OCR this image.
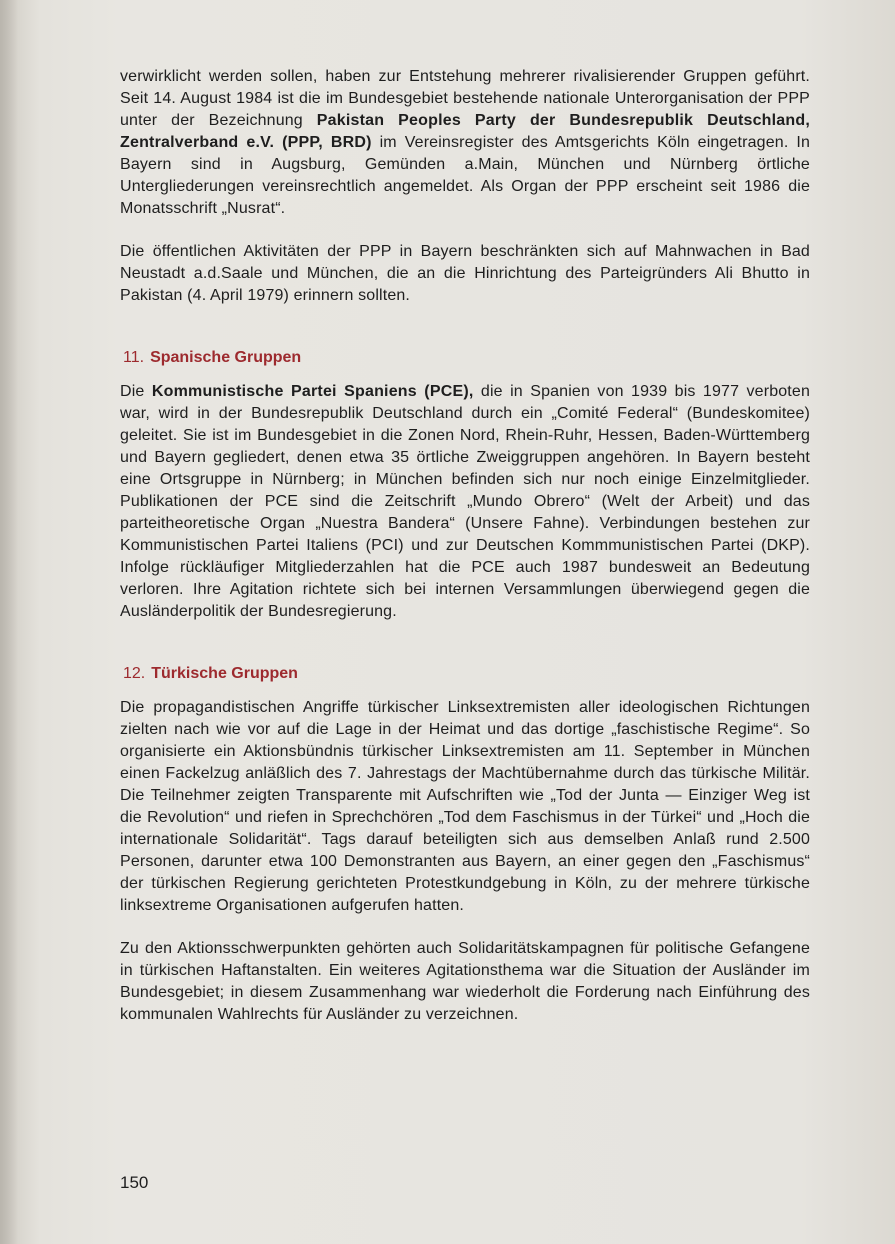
verwirklicht werden sollen, haben zur Entstehung mehrerer rivalisierender Gruppen geführt. Seit 14. August 1984 ist die im Bundesgebiet bestehende nationale Unterorganisation der PPP unter der Bezeichnung Pakistan Peoples Party der Bundesrepublik Deutschland, Zentralverband e.V. (PPP, BRD) im Vereinsregister des Amtsgerichts Köln eingetragen. In Bayern sind in Augsburg, Gemünden a.Main, München und Nürnberg örtliche Untergliederungen vereinsrechtlich angemeldet. Als Organ der PPP erscheint seit 1986 die Monatsschrift „Nusrat“.

Die öffentlichen Aktivitäten der PPP in Bayern beschränkten sich auf Mahnwachen in Bad Neustadt a.d.Saale und München, die an die Hinrichtung des Parteigründers Ali Bhutto in Pakistan (4. April 1979) erinnern sollten.

11. Spanische Gruppen

Die Kommunistische Partei Spaniens (PCE), die in Spanien von 1939 bis 1977 verboten war, wird in der Bundesrepublik Deutschland durch ein „Comité Federal“ (Bundeskomitee) geleitet. Sie ist im Bundesgebiet in die Zonen Nord, Rhein-Ruhr, Hessen, Baden-Württemberg und Bayern gegliedert, denen etwa 35 örtliche Zweiggruppen angehören. In Bayern besteht eine Ortsgruppe in Nürnberg; in München befinden sich nur noch einige Einzelmitglieder. Publikationen der PCE sind die Zeitschrift „Mundo Obrero“ (Welt der Arbeit) und das parteitheoretische Organ „Nuestra Bandera“ (Unsere Fahne). Verbindungen bestehen zur Kommunistischen Partei Italiens (PCI) und zur Deutschen Kommmunistischen Partei (DKP). Infolge rückläufiger Mitgliederzahlen hat die PCE auch 1987 bundesweit an Bedeutung verloren. Ihre Agitation richtete sich bei internen Versammlungen überwiegend gegen die Ausländerpolitik der Bundesregierung.

12. Türkische Gruppen

Die propagandistischen Angriffe türkischer Linksextremisten aller ideologischen Richtungen zielten nach wie vor auf die Lage in der Heimat und das dortige „faschistische Regime“. So organisierte ein Aktionsbündnis türkischer Linksextremisten am 11. September in München einen Fackelzug anläßlich des 7. Jahrestags der Machtübernahme durch das türkische Militär. Die Teilnehmer zeigten Transparente mit Aufschriften wie „Tod der Junta — Einziger Weg ist die Revolution“ und riefen in Sprechchören „Tod dem Faschismus in der Türkei“ und „Hoch die internationale Solidarität“. Tags darauf beteiligten sich aus demselben Anlaß rund 2.500 Personen, darunter etwa 100 Demonstranten aus Bayern, an einer gegen den „Faschismus“ der türkischen Regierung gerichteten Protestkundgebung in Köln, zu der mehrere türkische linksextreme Organisationen aufgerufen hatten.

Zu den Aktionsschwerpunkten gehörten auch Solidaritätskampagnen für politische Gefangene in türkischen Haftanstalten. Ein weiteres Agitationsthema war die Situation der Ausländer im Bundesgebiet; in diesem Zusammenhang war wiederholt die Forderung nach Einführung des kommunalen Wahlrechts für Ausländer zu verzeichnen.

150
